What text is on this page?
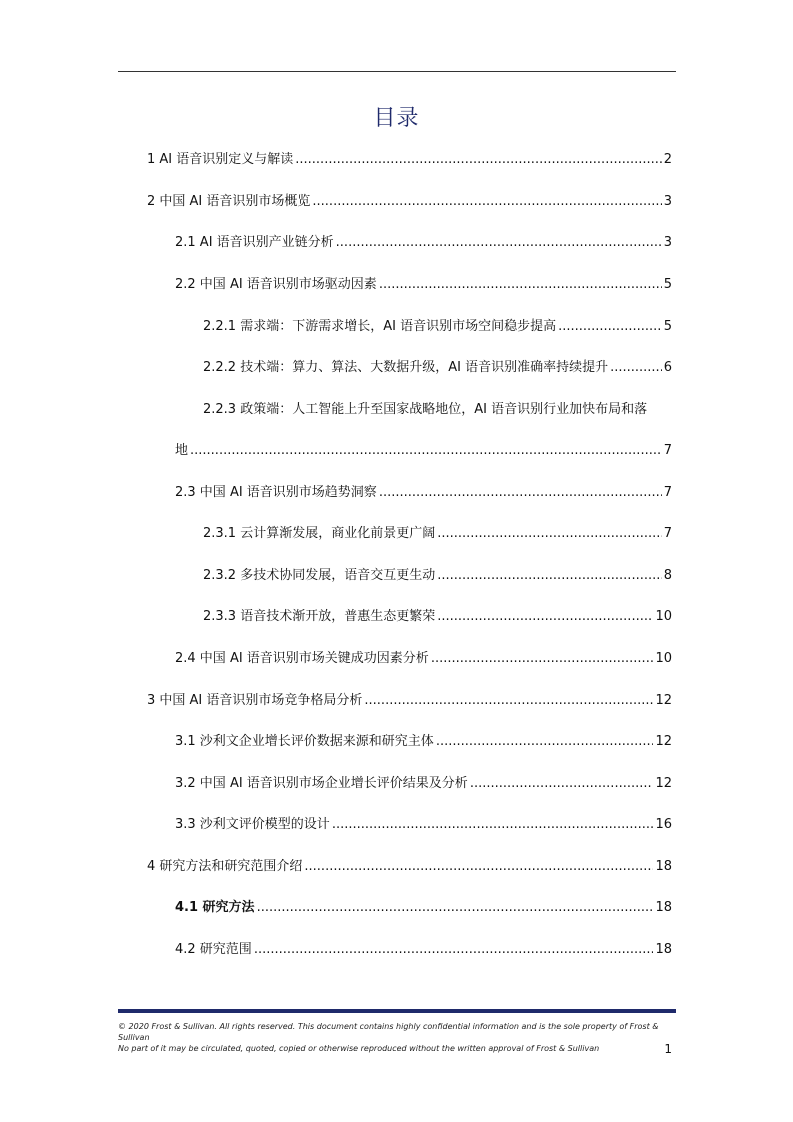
目录
1 AI 语音识别定义与解读 .....	2
2 中国 AI 语音识别市场概览 .....	3
2.1 AI 语音识别产业链分析 .....	3
2.2 中国 AI 语音识别市场驱动因素 .....	5
2.2.1 需求端：下游需求增长，AI 语音识别市场空间稳步提高 .....	5
2.2.2 技术端：算力、算法、大数据升级，AI 语音识别准确率持续提升 .....	6
2.2.3 政策端：人工智能上升至国家战略地位，AI 语音识别行业加快布局和落
地 .....	7
2.3 中国 AI 语音识别市场趋势洞察 .....	7
2.3.1 云计算渐发展，商业化前景更广阔 .....	7
2.3.2 多技术协同发展，语音交互更生动 .....	8
2.3.3 语音技术渐开放，普惠生态更繁荣 .....	10
2.4 中国 AI 语音识别市场关键成功因素分析 .....	10
3 中国 AI 语音识别市场竞争格局分析 .....	12
3.1 沙利文企业增长评价数据来源和研究主体 .....	12
3.2 中国 AI 语音识别市场企业增长评价结果及分析 .....	12
3.3 沙利文评价模型的设计 .....	16
4 研究方法和研究范围介绍 .....	18
4.1 研究方法 .....	18
4.2 研究范围 .....	18
© 2020 Frost & Sullivan. All rights reserved. This document contains highly confidential information and is the sole property of Frost & Sullivan
No part of it may be circulated, quoted, copied or otherwise reproduced without the written approval of Frost & Sullivan	1
